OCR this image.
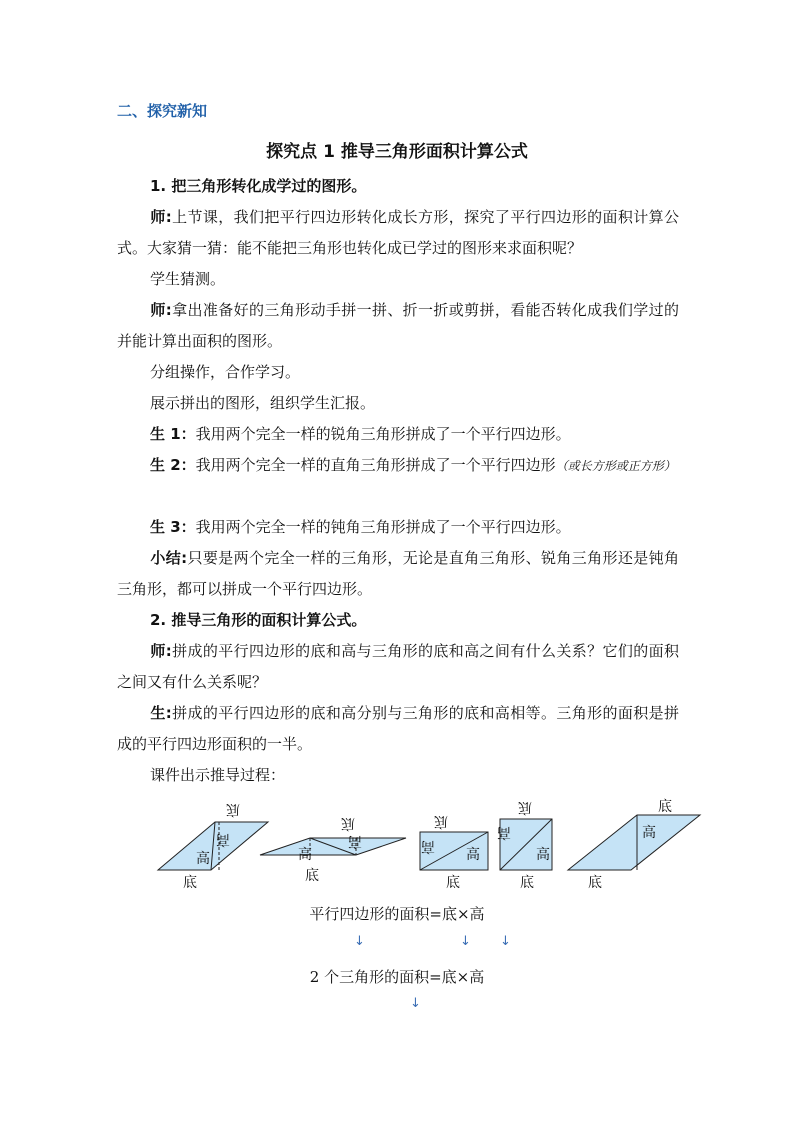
二、探究新知
探究点 1 推导三角形面积计算公式
1. 把三角形转化成学过的图形。
师:上节课，我们把平行四边形转化成长方形，探究了平行四边形的面积计算公式。大家猜一猜：能不能把三角形也转化成已学过的图形来求面积呢？
学生猜测。
师:拿出准备好的三角形动手拼一拼、折一折或剪拼，看能否转化成我们学过的并能计算出面积的图形。
分组操作，合作学习。
展示拼出的图形，组织学生汇报。
生 1：我用两个完全一样的锐角三角形拼成了一个平行四边形。
生 2：我用两个完全一样的直角三角形拼成了一个平行四边形（或长方形或正方形）
生 3：我用两个完全一样的钝角三角形拼成了一个平行四边形。
小结:只要是两个完全一样的三角形，无论是直角三角形、锐角三角形还是钝角三角形，都可以拼成一个平行四边形。
2. 推导三角形的面积计算公式。
师:拼成的平行四边形的底和高与三角形的底和高之间有什么关系？它们的面积之间又有什么关系呢？
生:拼成的平行四边形的底和高分别与三角形的底和高相等。三角形的面积是拼成的平行四边形面积的一半。
课件出示推导过程：
高
高
底
底
高
高
底
底	底
高
高
底
底
高
高
底
高
底
底
平行四边形的面积=底×高
↓	↓ ↓
2 个三角形的面积=底×高
↓
